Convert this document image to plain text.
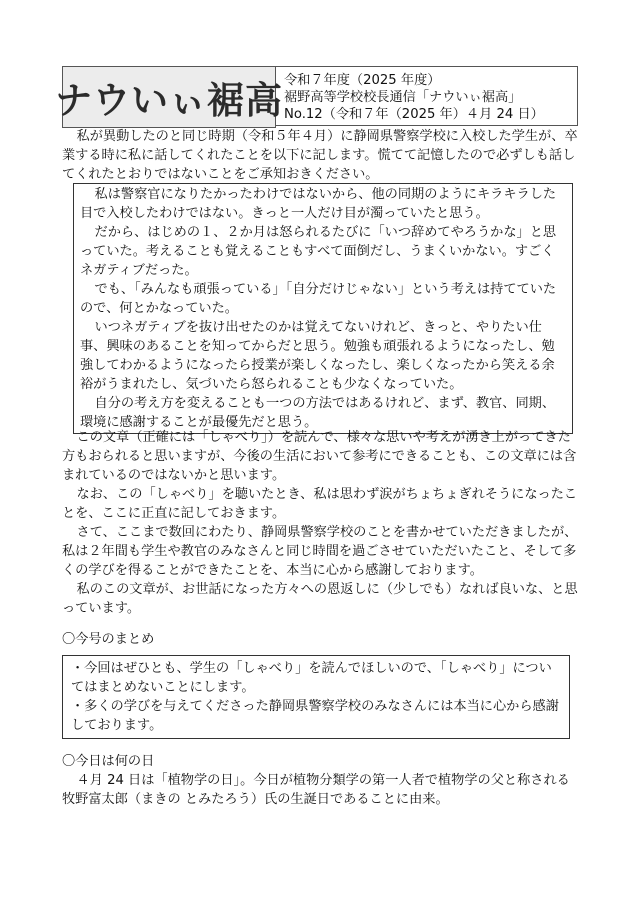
ナウいぃ裾高 令和７年度（2025 年度）
裾野高等学校校長通信「ナウいぃ裾高」
No.12（令和７年（2025 年）４月 24 日）

私が異動したのと同じ時期（令和５年４月）に静岡県警察学校に入校した学生が、卒業する時に私に話してくれたことを以下に記します。慌てて記憶したので必ずしも話してくれたとおりではないことをご承知おきください。

私は警察官になりたかったわけではないから、他の同期のようにキラキラした目で入校したわけではない。きっと一人だけ目が濁っていたと思う。

だから、はじめの１、２か月は怒られるたびに「いつ辞めてやろうかな」と思っていた。考えることも覚えることもすべて面倒だし、うまくいかない。すごくネガティブだった。

でも、「みんなも頑張っている」「自分だけじゃない」という考えは持てていたので、何とかなっていた。

いつネガティブを抜け出せたのかは覚えてないけれど、きっと、やりたい仕事、興味のあることを知ってからだと思う。勉強も頑張れるようになったし、勉強してわかるようになったら授業が楽しくなったし、楽しくなったから笑える余裕がうまれたし、気づいたら怒られることも少なくなっていた。

自分の考え方を変えることも一つの方法ではあるけれど、まず、教官、同期、環境に感謝することが最優先だと思う。

この文章（正確には「しゃべり」）を読んで、様々な思いや考えが湧き上がってきた方もおられると思いますが、今後の生活において参考にできることも、この文章には含まれているのではないかと思います。

なお、この「しゃべり」を聴いたとき、私は思わず涙がちょちょぎれそうになったことを、ここに正直に記しておきます。

さて、ここまで数回にわたり、静岡県警察学校のことを書かせていただきましたが、私は２年間も学生や教官のみなさんと同じ時間を過ごさせていただいたこと、そして多くの学びを得ることができたことを、本当に心から感謝しております。

私のこの文章が、お世話になった方々への恩返しに（少しでも）なれば良いな、と思っています。

〇今号のまとめ

・今回はぜひとも、学生の「しゃべり」を読んでほしいので、「しゃべり」についてはまとめないことにします。

・多くの学びを与えてくださった静岡県警察学校のみなさんには本当に心から感謝しております。

〇今日は何の日

４月 24 日は「植物学の日」。今日が植物分類学の第一人者で植物学の父と称される牧野富太郎（まきの とみたろう）氏の生誕日であることに由来。
